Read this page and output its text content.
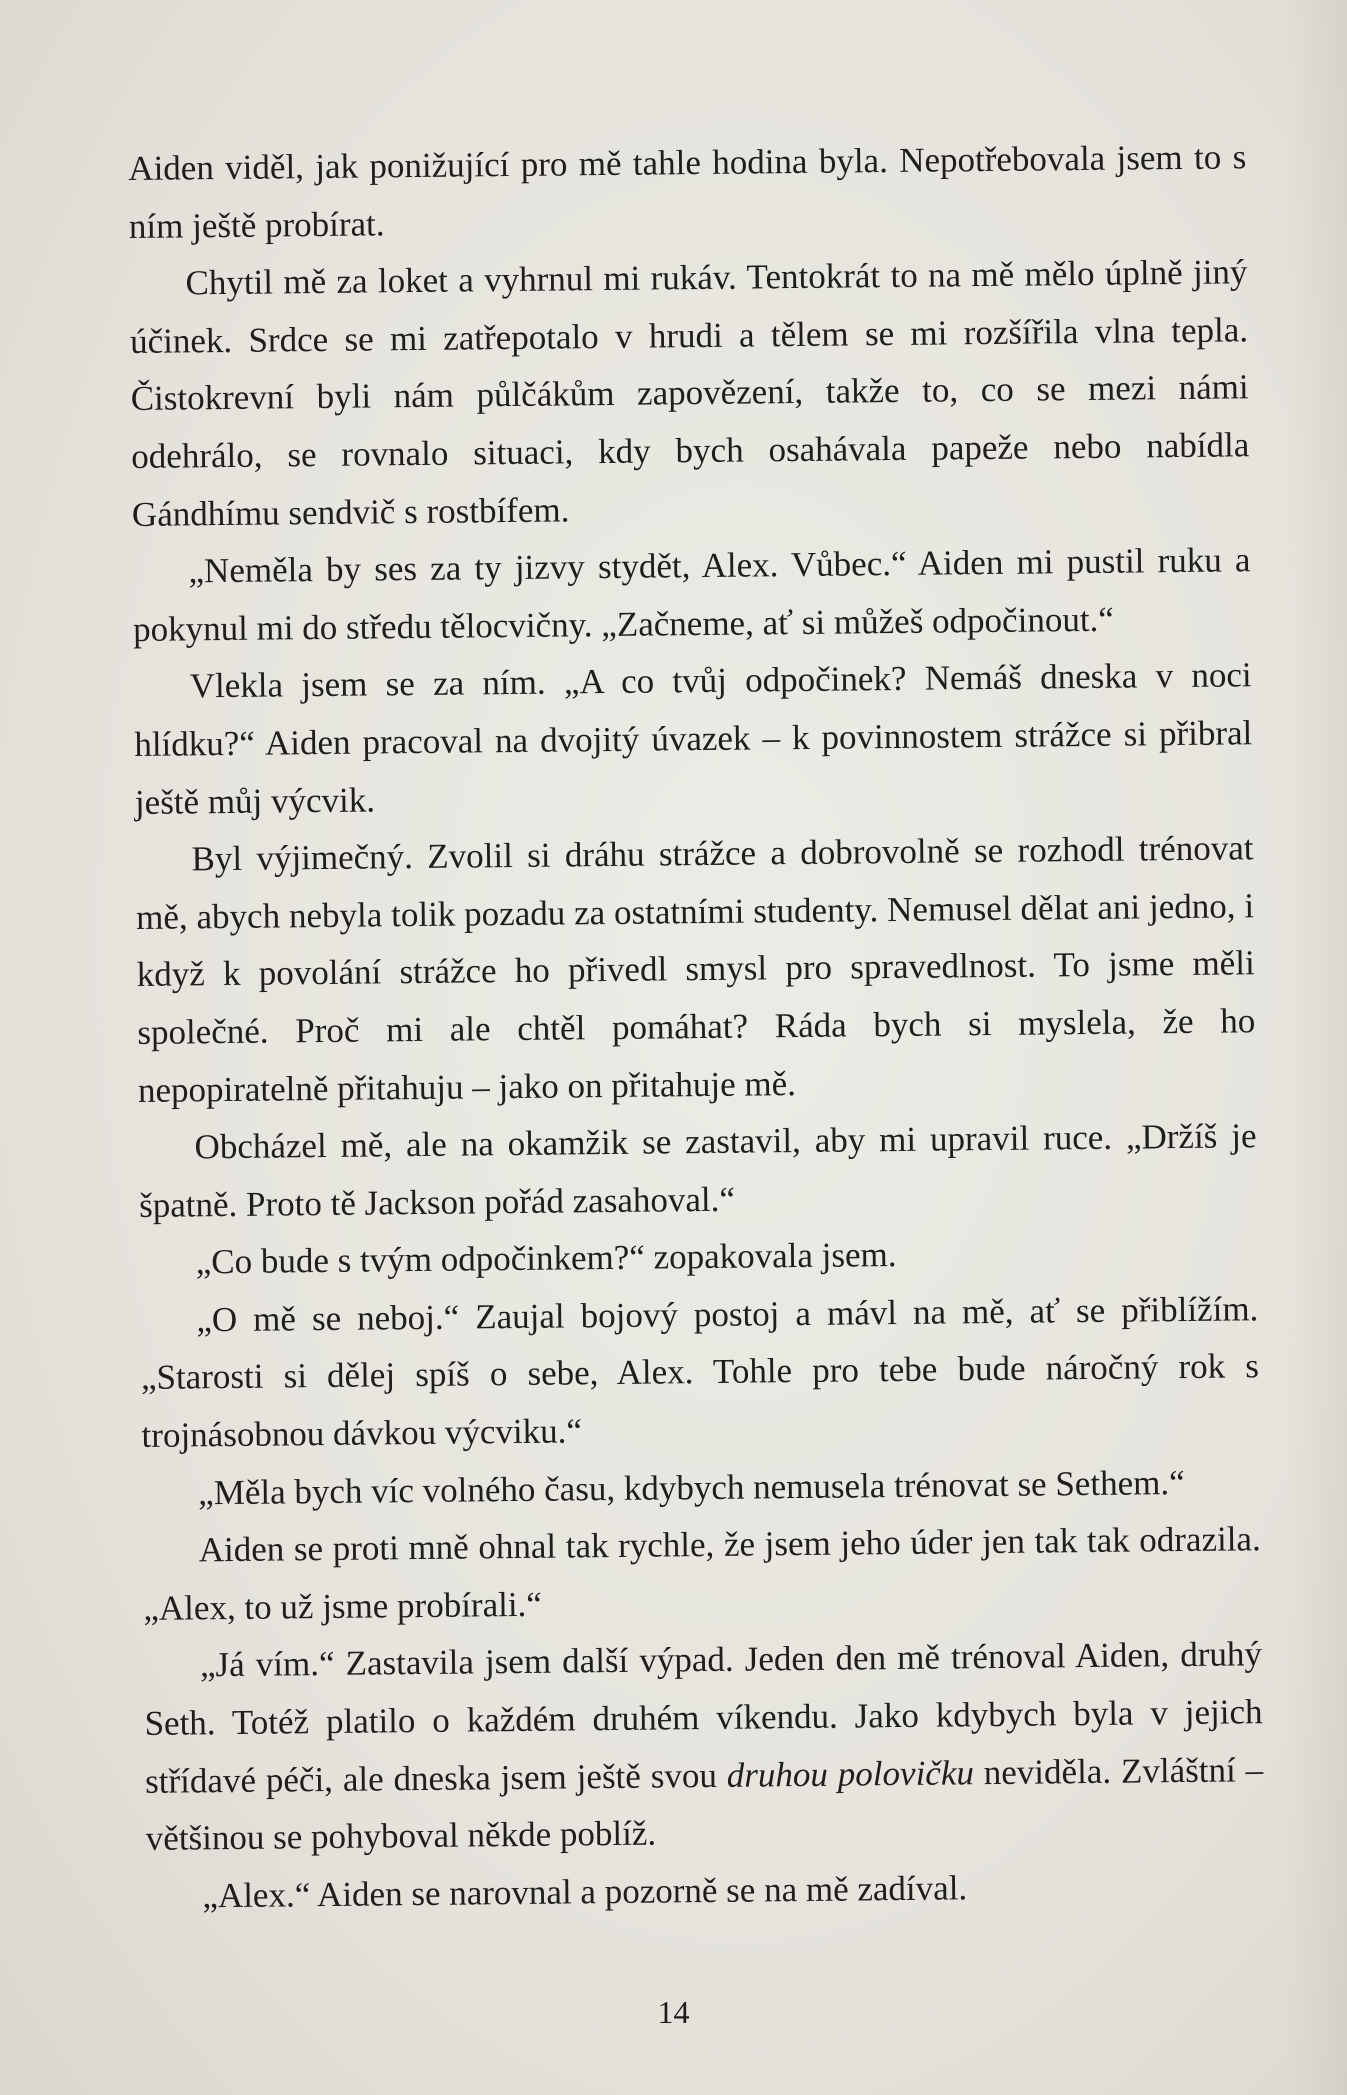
Aiden viděl, jak ponižující pro mě tahle hodina byla. Nepotřebovala jsem to s ním ještě probírat.

Chytil mě za loket a vyhrnul mi rukáv. Tentokrát to na mě mělo úplně jiný účinek. Srdce se mi zatřepotalo v hrudi a tělem se mi rozšířila vlna tepla. Čistokrevní byli nám půlčákům zapovězení, takže to, co se mezi námi odehrálo, se rovnalo situaci, kdy bych osahávala papeže nebo nabídla Gándhímu sendvič s rostbífem.

„Neměla by ses za ty jizvy stydět, Alex. Vůbec.“ Aiden mi pustil ruku a pokynul mi do středu tělocvičny. „Začneme, ať si můžeš odpočinout.“

Vlekla jsem se za ním. „A co tvůj odpočinek? Nemáš dneska v noci hlídku?“ Aiden pracoval na dvojitý úvazek – k povinnostem strážce si přibral ještě můj výcvik.

Byl výjimečný. Zvolil si dráhu strážce a dobrovolně se rozhodl trénovat mě, abych nebyla tolik pozadu za ostatními studenty. Nemusel dělat ani jedno, i když k povolání strážce ho přivedl smysl pro spravedlnost. To jsme měli společné. Proč mi ale chtěl pomáhat? Ráda bych si myslela, že ho nepopiratelně přitahuju – jako on přitahuje mě.

Obcházel mě, ale na okamžik se zastavil, aby mi upravil ruce. „Držíš je špatně. Proto tě Jackson pořád zasahoval.“

„Co bude s tvým odpočinkem?“ zopakovala jsem.

„O mě se neboj.“ Zaujal bojový postoj a mávl na mě, ať se přiblížím. „Starosti si dělej spíš o sebe, Alex. Tohle pro tebe bude náročný rok s trojnásobnou dávkou výcviku.“

„Měla bych víc volného času, kdybych nemusela trénovat se Sethem.“

Aiden se proti mně ohnal tak rychle, že jsem jeho úder jen tak tak odrazila. „Alex, to už jsme probírali.“

„Já vím.“ Zastavila jsem další výpad. Jeden den mě trénoval Aiden, druhý Seth. Totéž platilo o každém druhém víkendu. Jako kdybych byla v jejich střídavé péči, ale dneska jsem ještě svou druhou polovičku neviděla. Zvláštní – většinou se pohyboval někde poblíž.

„Alex.“ Aiden se narovnal a pozorně se na mě zadíval.

14
